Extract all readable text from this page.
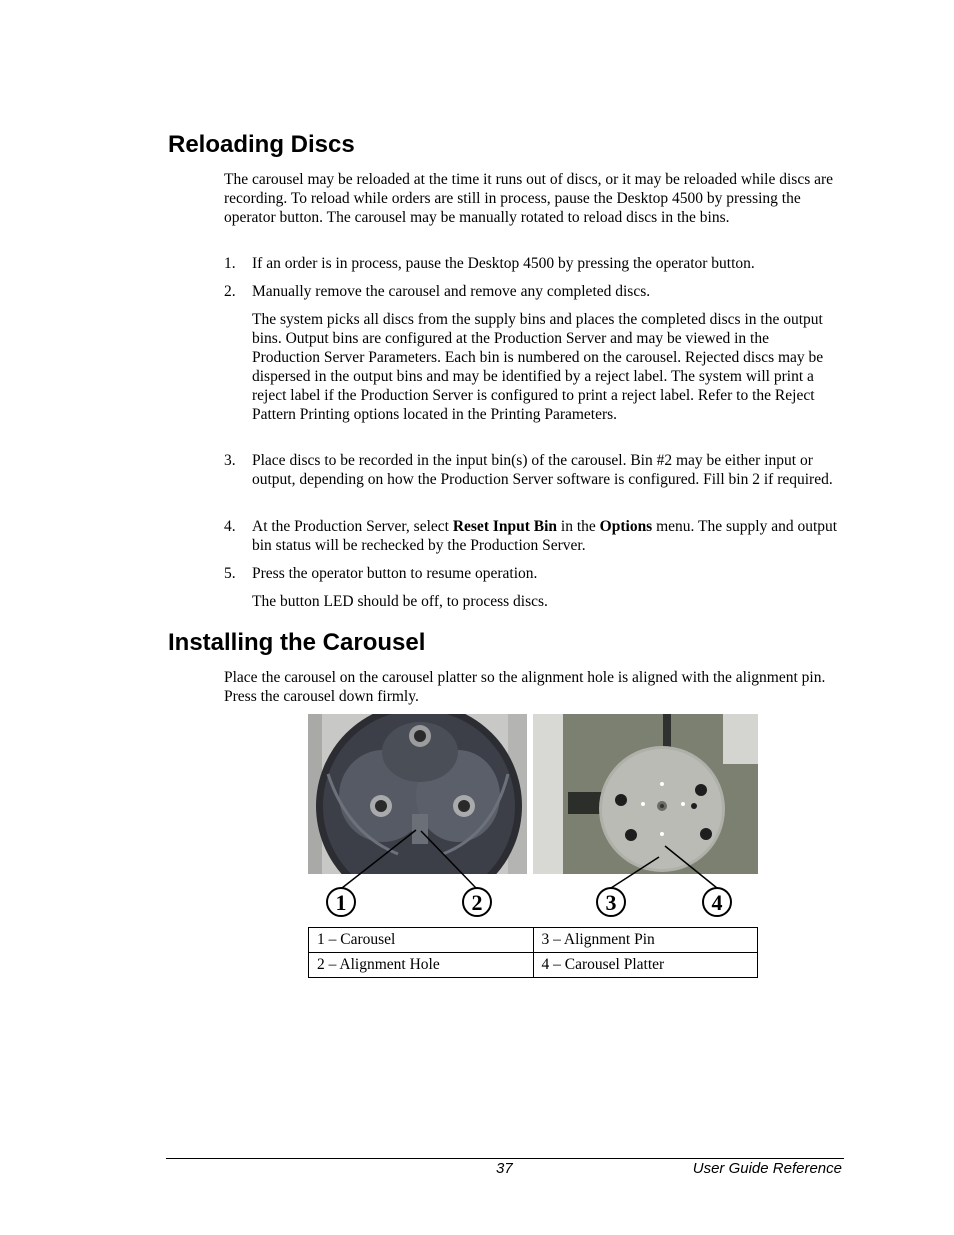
Reloading Discs

The carousel may be reloaded at the time it runs out of discs, or it may be reloaded while discs are recording. To reload while orders are still in process, pause the Desktop 4500 by pressing the operator button. The carousel may be manually rotated to reload discs in the bins.

1.	If an order is in process, pause the Desktop 4500 by pressing the operator button.
2.	Manually remove the carousel and remove any completed discs.

The system picks all discs from the supply bins and places the completed discs in the output bins. Output bins are configured at the Production Server and may be viewed in the Production Server Parameters. Each bin is numbered on the carousel. Rejected discs may be dispersed in the output bins and may be identified by a reject label. The system will print a reject label if the Production Server is configured to print a reject label. Refer to the Reject Pattern Printing options located in the Printing Parameters.

3.	Place discs to be recorded in the input bin(s) of the carousel. Bin #2 may be either input or output, depending on how the Production Server software is configured. Fill bin 2 if required.
4.	At the Production Server, select Reset Input Bin in the Options menu. The supply and output bin status will be rechecked by the Production Server.
5.	Press the operator button to resume operation.

The button LED should be off, to process discs.

Installing the Carousel

Place the carousel on the carousel platter so the alignment hole is aligned with the alignment pin. Press the carousel down firmly.

1	2	3	4
1 – Carousel	3 – Alignment Pin
2 – Alignment Hole	4 – Carousel Platter
37	User Guide Reference
